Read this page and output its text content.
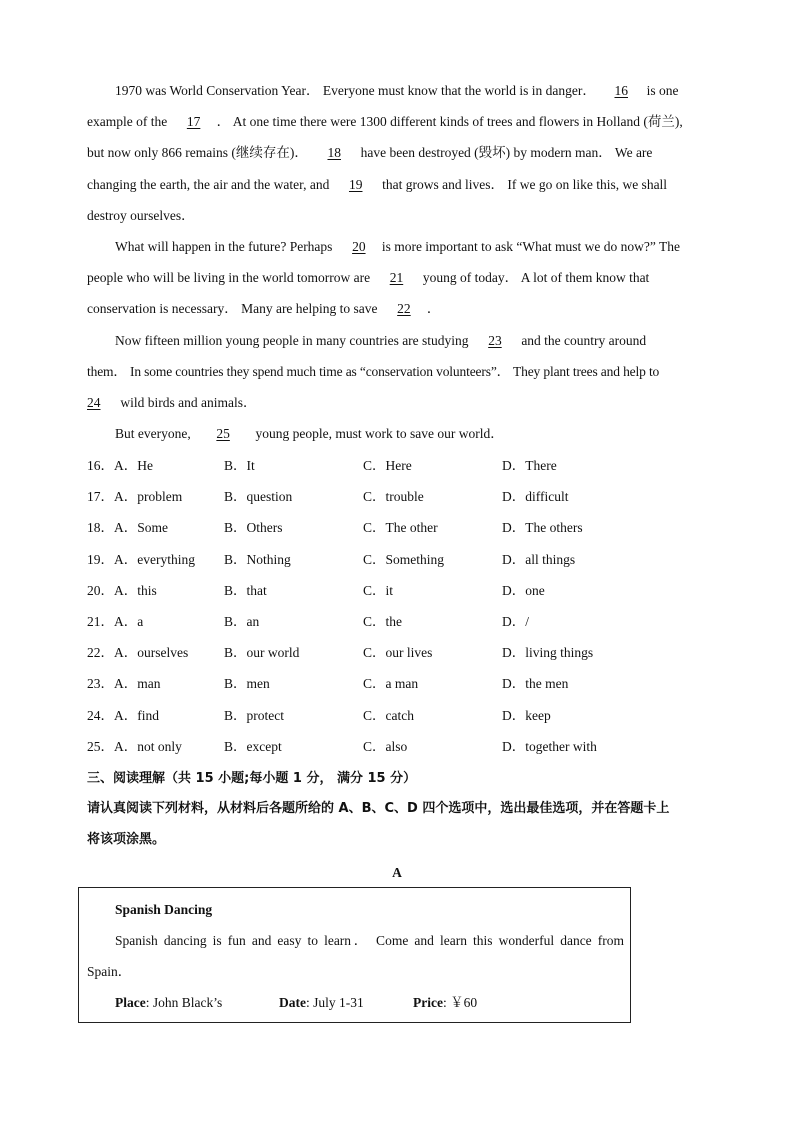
1970 was World Conservation Year． Everyone must know that the world is in danger． 16 is one
example of the 17 ． At one time there were 1300 different kinds of trees and flowers in Holland (荷兰),
but now only 866 remains (继续存在)． 18 have been destroyed (毁坏) by modern man． We are
changing the earth, the air and the water, and 19 that grows and lives． If we go on like this, we shall
destroy ourselves．
What will happen in the future? Perhaps 20 is more important to ask “What must we do now?” The
people who will be living in the world tomorrow are 21 young of today． A lot of them know that
conservation is necessary． Many are helping to save 22 ．
Now fifteen million young people in many countries are studying 23 and the country around
them． In some countries they spend much time as “conservation volunteers”． They plant trees and help to
24 wild birds and animals．
But everyone, 25 young people, must work to save our world．
16．A．He	B．It	C．Here	D．There
17．A．problem	B．question	C．trouble	D．difficult
18．A．Some	B．Others	C．The other	D．The others
19．A．everything B．Nothing	C．Something	D．all things
20．A．this	B．that	C．it	D．one
21．A．a	B．an	C．the	D．/
22．A．ourselves	B．our world	C．our lives	D．living things
23．A．man	B．men	C．a man	D．the men
24．A．find	B．protect	C．catch	D．keep
25．A．not only	B．except	C．also	D．together with
三、阅读理解（共 15 小题;每小题 1 分， 满分 15 分）
请认真阅读下列材料，从材料后各题所给的 A、B、C、D 四个选项中，选出最佳选项，并在答题卡上
将该项涂黑。
A
Spanish Dancing
Spanish dancing is fun and easy to learn． Come and learn this wonderful dance from Spain．
Place: John Black’s	Date: July 1-31	Price: ￥60
